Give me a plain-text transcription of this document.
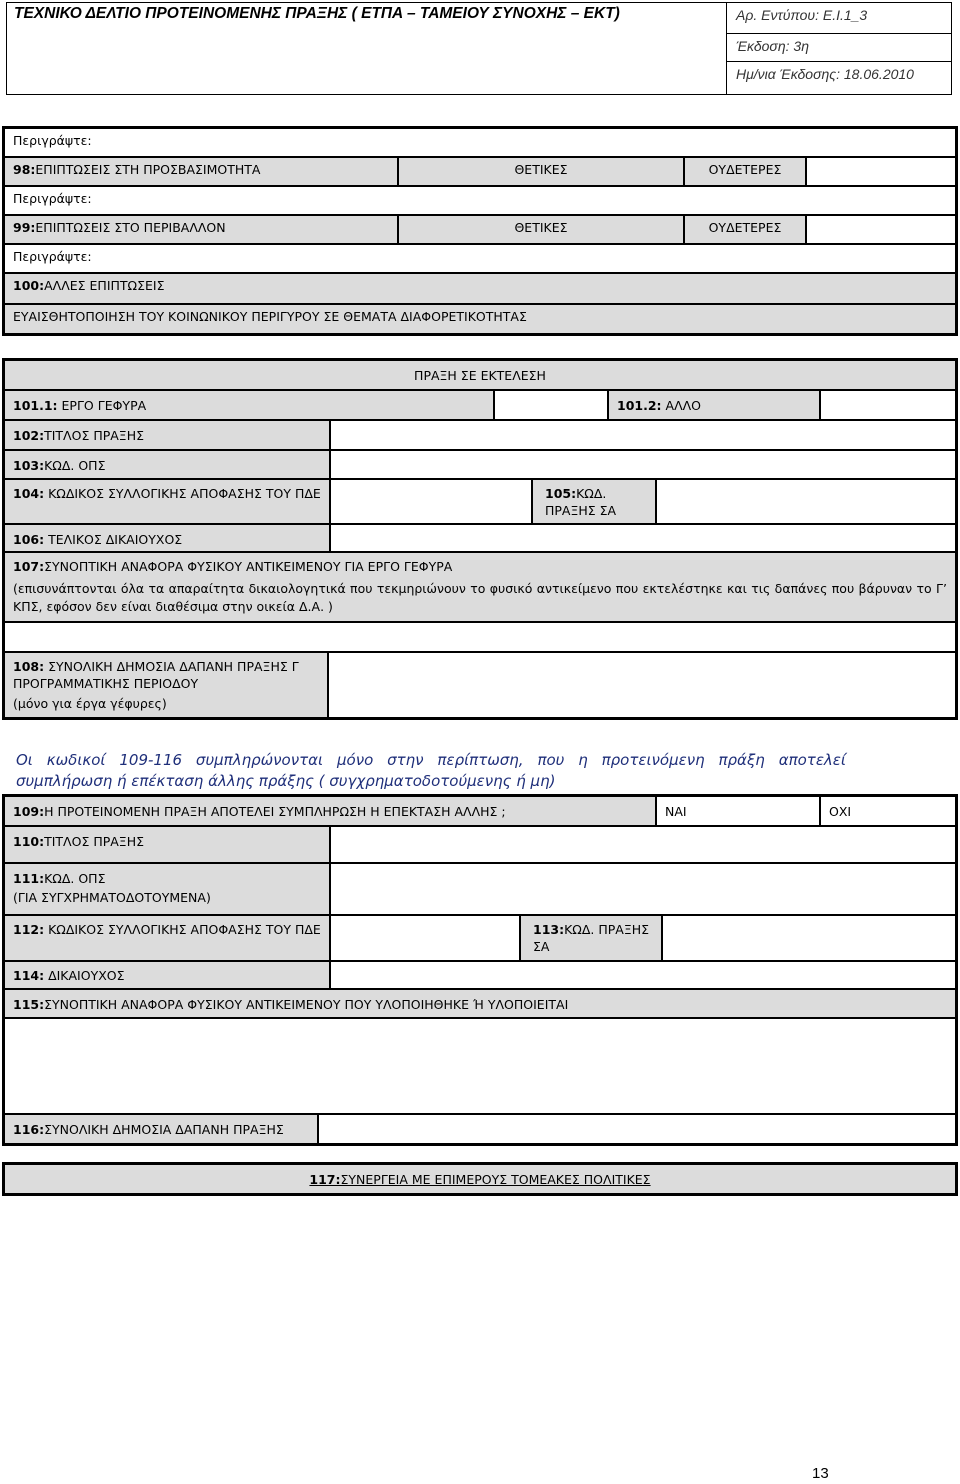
ΤΕΧΝΙΚΟ ΔΕΛΤΙΟ ΠΡΟΤΕΙΝΟΜΕΝΗΣ ΠΡΑΞΗΣ ( ΕΤΠΑ – ΤΑΜΕΙΟΥ ΣΥΝΟΧΗΣ – ΕΚΤ)	Αρ. Εντύπου: Ε.Ι.1_3
Έκδοση: 3η
Ημ/νια Έκδοσης: 18.06.2010
Περιγράψτε:
98:ΕΠΙΠΤΩΣΕΙΣ ΣΤΗ ΠΡΟΣΒΑΣΙΜΟΤΗΤΑ	ΘΕΤΙΚΕΣ	ΟΥΔΕΤΕΡΕΣ
Περιγράψτε:
99:ΕΠΙΠΤΩΣΕΙΣ ΣΤΟ ΠΕΡΙΒΑΛΛΟΝ	ΘΕΤΙΚΕΣ	ΟΥΔΕΤΕΡΕΣ
Περιγράψτε:
100:ΑΛΛΕΣ ΕΠΙΠΤΩΣΕΙΣ
ΕΥΑΙΣΘΗΤΟΠΟΙΗΣΗ ΤΟΥ ΚΟΙΝΩΝΙΚΟΥ ΠΕΡΙΓΥΡΟΥ ΣΕ ΘΕΜΑΤΑ ΔΙΑΦΟΡΕΤΙΚΟΤΗΤΑΣ
ΠΡΑΞΗ ΣΕ ΕΚΤΕΛΕΣΗ
101.1: ΕΡΓΟ ΓΕΦΥΡΑ	101.2: ΑΛΛΟ
102:ΤΙΤΛΟΣ ΠΡΑΞΗΣ
103:ΚΩΔ. ΟΠΣ
104: ΚΩΔΙΚΟΣ ΣΥΛΛΟΓΙΚΗΣ ΑΠΟΦΑΣΗΣ ΤΟΥ ΠΔΕ	105:ΚΩΔ. ΠΡΑΞΗΣ ΣΑ
106: ΤΕΛΙΚΟΣ ΔΙΚΑΙΟΥΧΟΣ
107:ΣΥΝΟΠΤΙΚΗ ΑΝΑΦΟΡΑ ΦΥΣΙΚΟΥ ΑΝΤΙΚΕΙΜΕΝΟΥ ΓΙΑ ΕΡΓΟ ΓΕΦΥΡΑ
(επισυνάπτονται όλα τα απαραίτητα δικαιολογητικά που τεκμηριώνουν το φυσικό αντικείμενο που εκτελέστηκε και τις δαπάνες που βάρυναν το Γ’ ΚΠΣ, εφόσον δεν είναι διαθέσιμα στην οικεία Δ.Α. )
108: ΣΥΝΟΛΙΚΗ ΔΗΜΟΣΙΑ ΔΑΠΑΝΗ ΠΡΑΞΗΣ Γ ΠΡΟΓΡΑΜΜΑΤΙΚΗΣ ΠΕΡΙΟΔΟΥ
(μόνο για έργα γέφυρες)
Οι κωδικοί 109-116 συμπληρώνονται μόνο στην περίπτωση, που η προτεινόμενη πράξη αποτελεί συμπλήρωση ή επέκταση άλλης πράξης ( συγχρηματοδοτούμενης ή μη)
109:Η ΠΡΟΤΕΙΝΟΜΕΝΗ ΠΡΑΞΗ ΑΠΟΤΕΛΕΙ ΣΥΜΠΛΗΡΩΣΗ Η ΕΠΕΚΤΑΣΗ ΑΛΛΗΣ ;	ΝΑΙ	ΟΧΙ
110:ΤΙΤΛΟΣ ΠΡΑΞΗΣ
111:ΚΩΔ. ΟΠΣ
(ΓΙΑ ΣΥΓΧΡΗΜΑΤΟΔΟΤΟΥΜΕΝΑ)
112: ΚΩΔΙΚΟΣ ΣΥΛΛΟΓΙΚΗΣ ΑΠΟΦΑΣΗΣ ΤΟΥ ΠΔΕ	113:ΚΩΔ. ΠΡΑΞΗΣ ΣΑ
114: ΔΙΚΑΙΟΥΧΟΣ
115:ΣΥΝΟΠΤΙΚΗ ΑΝΑΦΟΡΑ ΦΥΣΙΚΟΥ ΑΝΤΙΚΕΙΜΕΝΟΥ ΠΟΥ ΥΛΟΠΟΙΗΘΗΚΕ Ή ΥΛΟΠΟΙΕΙΤΑΙ
116:ΣΥΝΟΛΙΚΗ ΔΗΜΟΣΙΑ ΔΑΠΑΝΗ ΠΡΑΞΗΣ
117:ΣΥΝΕΡΓΕΙΑ ΜΕ ΕΠΙΜΕΡΟΥΣ ΤΟΜΕΑΚΕΣ ΠΟΛΙΤΙΚΕΣ
13
